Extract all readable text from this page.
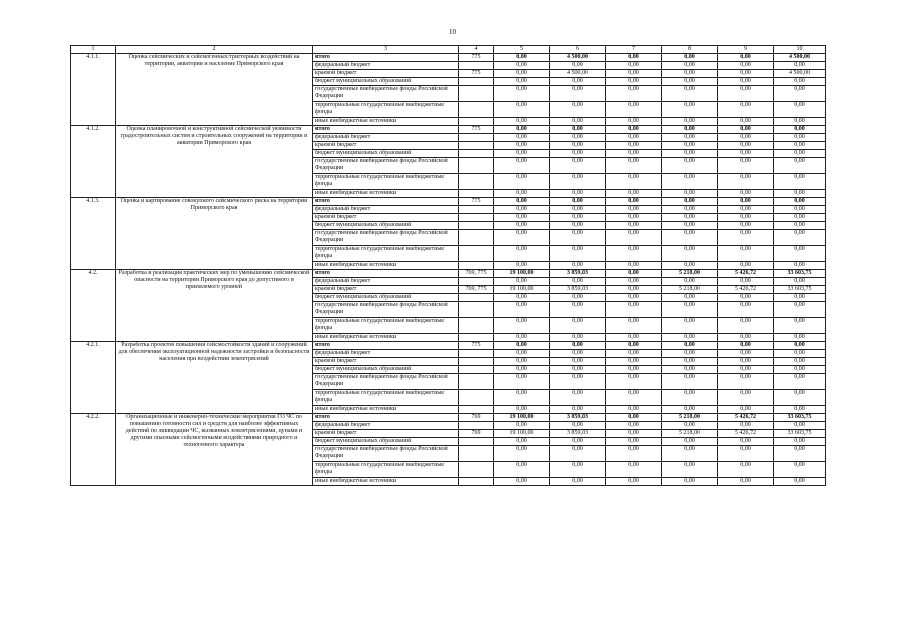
10
1	2	3	4	5	6	7	8	9	10
4.1.1.	Оценка сейсмических и сейсмогенных/триггерных воздействий на территории, акватории и население Приморского края	итого	775	0,00	4 500,00	0,00	0,00	0,00	4 500,00
		федеральный бюджет		0,00	0,00	0,00	0,00	0,00	0,00
		краевой бюджет	775	0,00	4 500,00	0,00	0,00	0,00	4 500,00
		бюджет муниципальных образований		0,00	0,00	0,00	0,00	0,00	0,00
		государственные внебюджетные фонды Российской Федерации		0,00	0,00	0,00	0,00	0,00	0,00
		территориальные государственные внебюджетные фонды		0,00	0,00	0,00	0,00	0,00	0,00
		иные внебюджетные источники		0,00	0,00	0,00	0,00	0,00	0,00
4.1.2.	Оценка планировочной и конструктивной сейсмической уязвимости градостроительных систем и строительных сооружений на территории и акватории Приморского края	итого	775	0,00	0,00	0,00	0,00	0,00	0,00
		федеральный бюджет		0,00	0,00	0,00	0,00	0,00	0,00
		краевой бюджет		0,00	0,00	0,00	0,00	0,00	0,00
		бюджет муниципальных образований		0,00	0,00	0,00	0,00	0,00	0,00
		государственные внебюджетные фонды Российской Федерации		0,00	0,00	0,00	0,00	0,00	0,00
		территориальные государственные внебюджетные фонды		0,00	0,00	0,00	0,00	0,00	0,00
		иные внебюджетные источники		0,00	0,00	0,00	0,00	0,00	0,00
4.1.3.	Оценка и картирование совокупного сейсмического риска на территории Приморского края	итого	775	0,00	0,00	0,00	0,00	0,00	0,00
		федеральный бюджет		0,00	0,00	0,00	0,00	0,00	0,00
		краевой бюджет		0,00	0,00	0,00	0,00	0,00	0,00
		бюджет муниципальных образований		0,00	0,00	0,00	0,00	0,00	0,00
		государственные внебюджетные фонды Российской Федерации		0,00	0,00	0,00	0,00	0,00	0,00
		территориальные государственные внебюджетные фонды		0,00	0,00	0,00	0,00	0,00	0,00
		иные внебюджетные источники		0,00	0,00	0,00	0,00	0,00	0,00
4.2.	Разработка и реализация практических мер по уменьшению сейсмической опасности на территории Приморского края до допустимого и приемлемого уровней	итого	769, 775	19 100,00	3 859,03	0,00	5 218,00	5 426,72	33 603,75
		федеральный бюджет		0,00	0,00	0,00	0,00	0,00	0,00
		краевой бюджет	769, 775	19 100,00	3 859,03	0,00	5 218,00	5 426,72	33 603,75
		бюджет муниципальных образований		0,00	0,00	0,00	0,00	0,00	0,00
		государственные внебюджетные фонды Российской Федерации		0,00	0,00	0,00	0,00	0,00	0,00
		территориальные государственные внебюджетные фонды		0,00	0,00	0,00	0,00	0,00	0,00
		иные внебюджетные источники		0,00	0,00	0,00	0,00	0,00	0,00
4.2.1.	Разработка проектов повышения сейсмостойкости зданий и сооружений для обеспечения эксплуатационной надежности застройки и безопасности населения при воздействии землетрясений	итого	775	0,00	0,00	0,00	0,00	0,00	0,00
		федеральный бюджет		0,00	0,00	0,00	0,00	0,00	0,00
		краевой бюджет		0,00	0,00	0,00	0,00	0,00	0,00
		бюджет муниципальных образований		0,00	0,00	0,00	0,00	0,00	0,00
		государственные внебюджетные фонды Российской Федерации		0,00	0,00	0,00	0,00	0,00	0,00
		территориальные государственные внебюджетные фонды		0,00	0,00	0,00	0,00	0,00	0,00
		иные внебюджетные источники		0,00	0,00	0,00	0,00	0,00	0,00
4.2.2.	Организационные и инженерно-технические мероприятия ГО ЧС по повышению готовности сил и средств для наиболее эффективных действий по ликвидации ЧС, вызванных землетрясениями, цунами и другими опасными сейсмогенными воздействиями природного и техногенного характера	итого	769	19 100,00	3 859,03	0,00	5 218,00	5 426,72	33 603,75
		федеральный бюджет		0,00	0,00	0,00	0,00	0,00	0,00
		краевой бюджет	769	19 100,00	3 859,03	0,00	5 218,00	5 426,72	33 603,75
		бюджет муниципальных образований		0,00	0,00	0,00	0,00	0,00	0,00
		государственные внебюджетные фонды Российской Федерации		0,00	0,00	0,00	0,00	0,00	0,00
		территориальные государственные внебюджетные фонды		0,00	0,00	0,00	0,00	0,00	0,00
		иные внебюджетные источники		0,00	0,00	0,00	0,00	0,00	0,00
